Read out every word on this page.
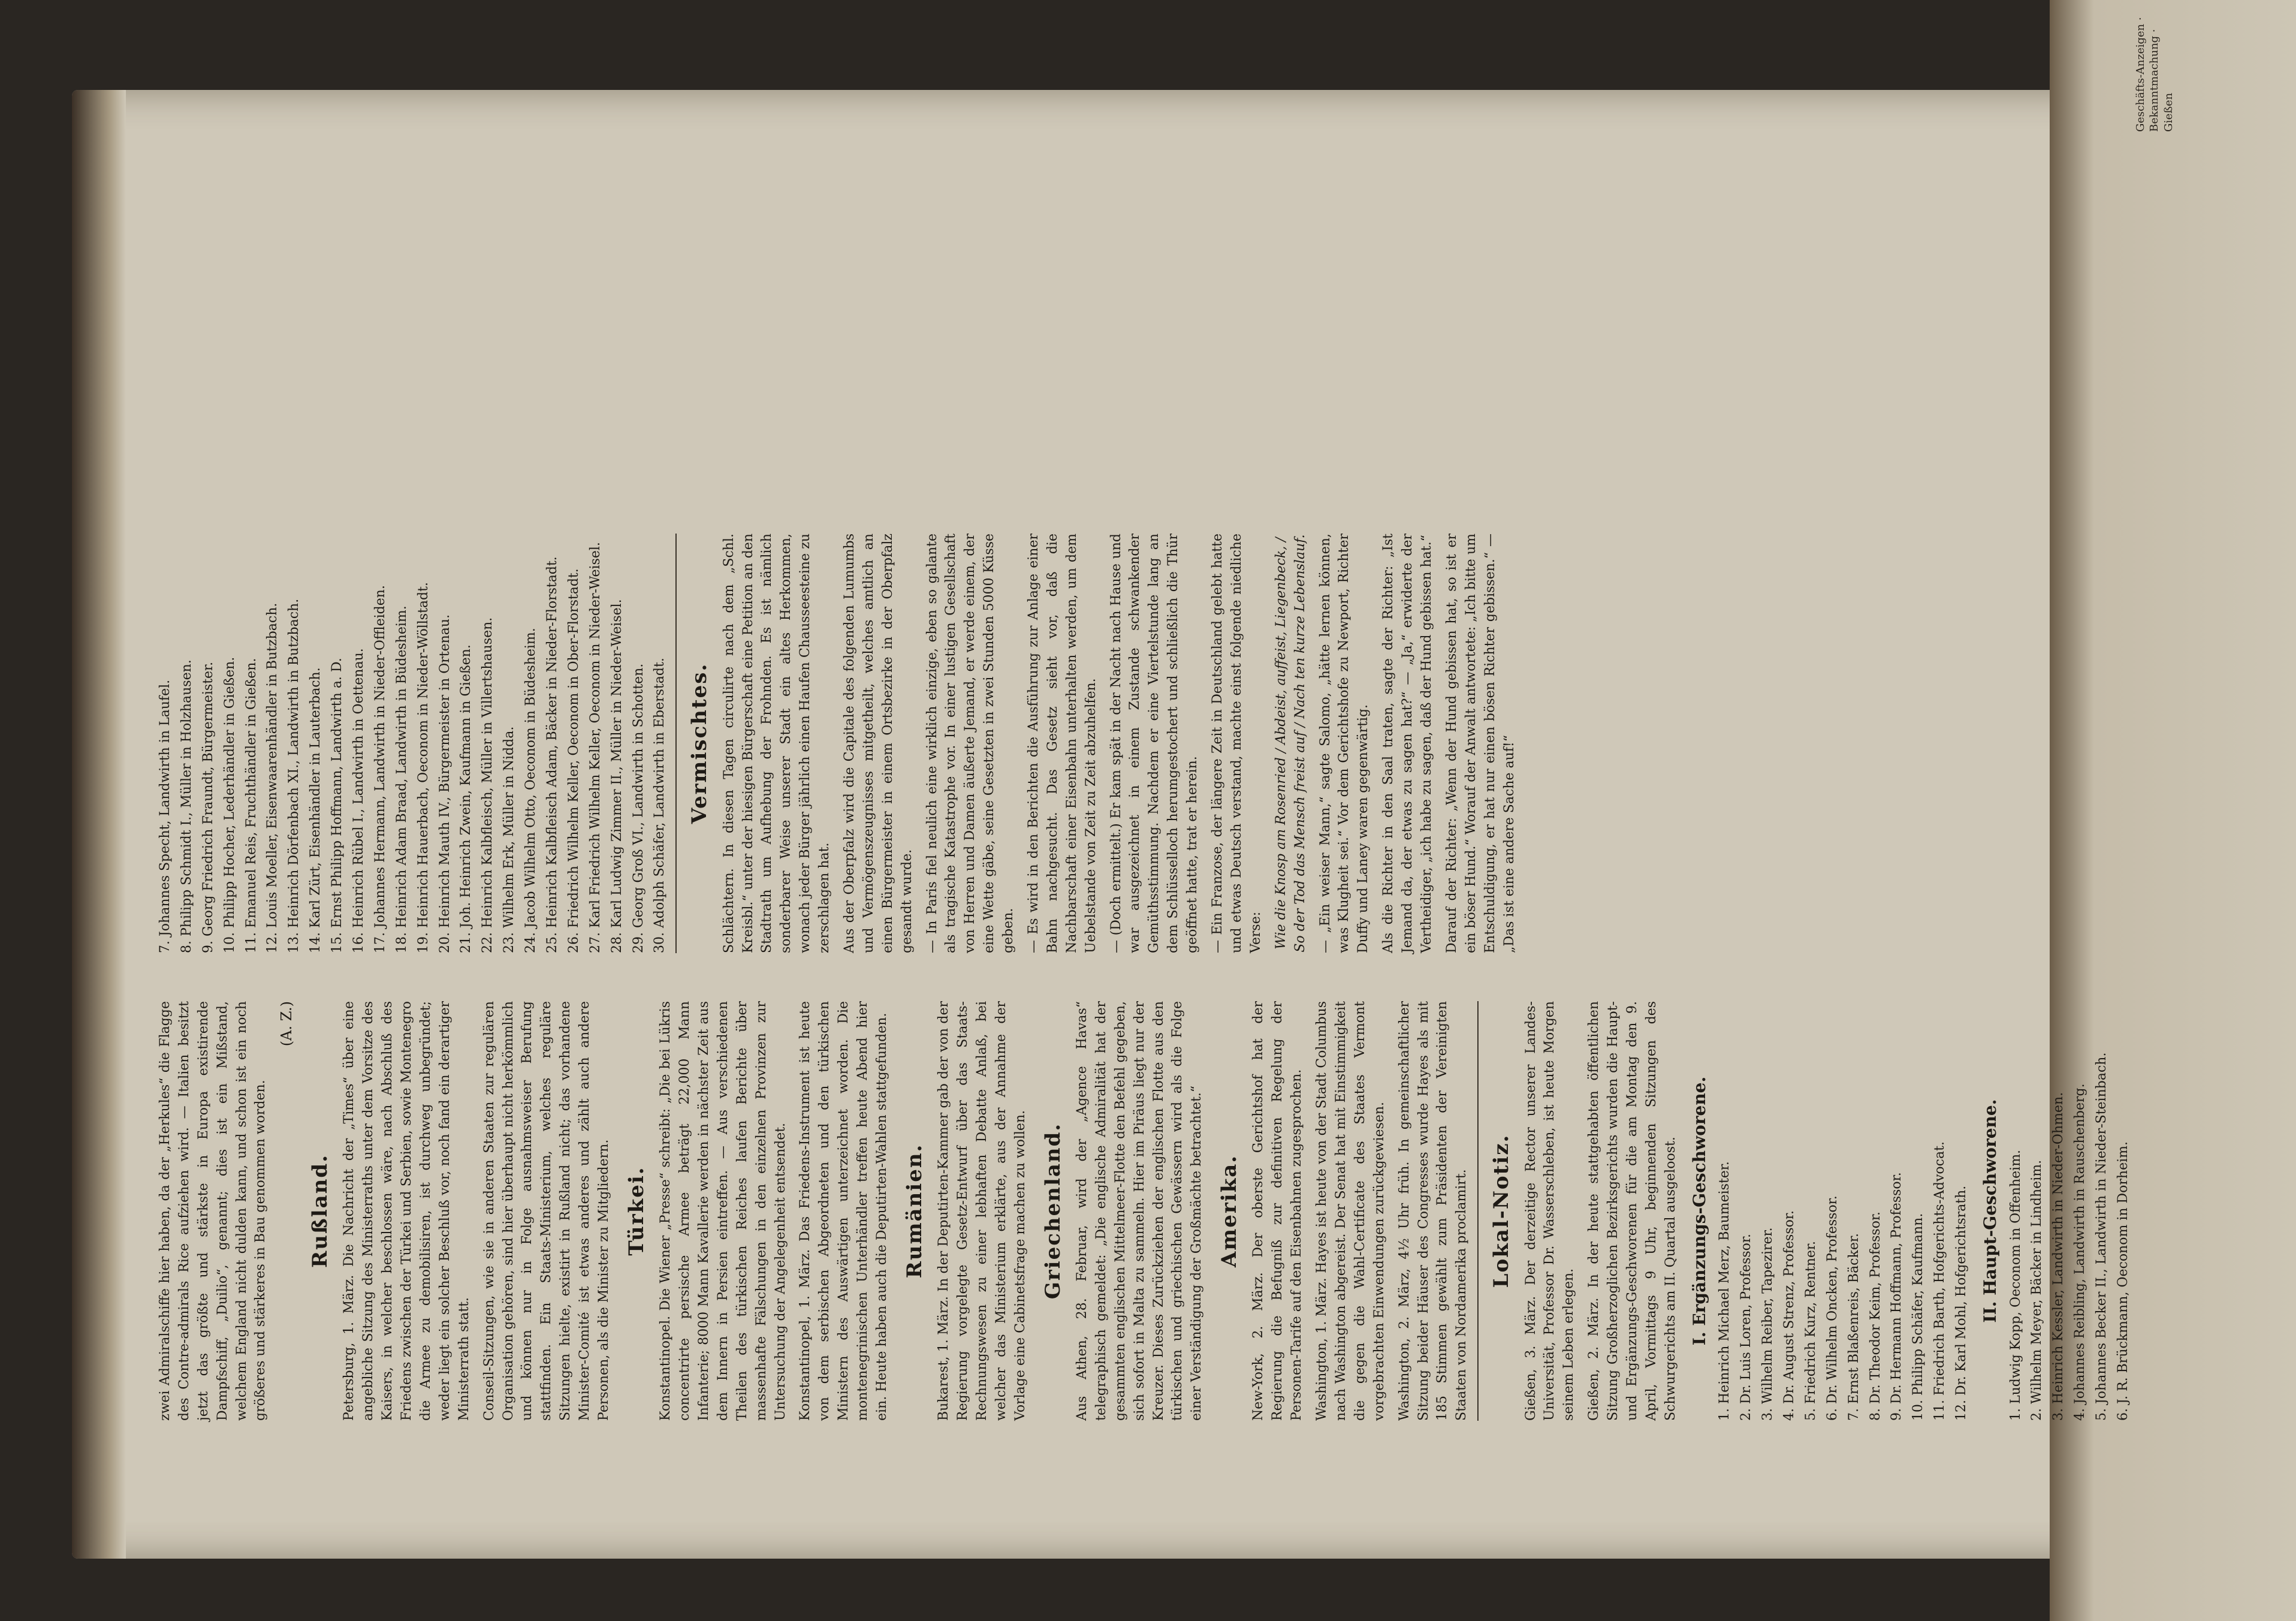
zwei Admiralschiffe hier haben, da der „Herkules“ die Flagge des Contre-admirals Rice aufziehen wird. — Italien besitzt jetzt das größte und stärkste in Europa existirende Dampfschiff, „Duilio“, genannt; dies ist ein Mißstand, welchem England nicht dulden kann, und schon ist ein noch größeres und stärkeres in Bau genommen worden.

(A. Z.)
Rußland. Petersburg, 1. März. Die Nachricht der „Times“ über eine angebliche Sitzung des Ministerraths unter dem Vorsitze des Kaisers, in welcher beschlossen wäre, nach Abschluß des Friedens zwischen der Türkei und Serbien, sowie Montenegro die Armee zu demobilisiren, ist durchweg unbegründet; weder liegt ein solcher Beschluß vor, noch fand ein derartiger Ministerrath statt. Conseil-Sitzungen, wie sie in anderen Staaten zur regulären Organisation gehören, sind hier überhaupt nicht herkömmlich und können nur in Folge ausnahmsweiser Berufung stattfinden. Ein Staats-Ministerium, welches reguläre Sitzungen hielte, existirt in Rußland nicht; das vorhandene Minister-Comité ist etwas anderes und zählt auch andere Personen, als die Minister zu Mitgliedern. Türkei. Konstantinopel. Die Wiener „Presse“ schreibt: „Die bei Lükris concentrirte persische Armee beträgt 22,000 Mann Infanterie; 8000 Mann Kavallerie werden in nächster Zeit aus dem Innern in Persien eintreffen. — Aus verschiedenen Theilen des türkischen Reiches laufen Berichte über massenhafte Fälschungen in den einzelnen Provinzen zur Untersuchung der Angelegenheit entsendet. Konstantinopel, 1. März. Das Friedens-Instrument ist heute von dem serbischen Abgeordneten und den türkischen Ministern des Auswärtigen unterzeichnet worden. Die montenegrinischen Unterhändler treffen heute Abend hier ein. Heute haben auch die Deputirten-Wahlen stattgefunden. Rumänien. Bukarest, 1. März. In der Deputirten-Kammer gab der von der Regierung vorgelegte Gesetz-Entwurf über das Staats-Rechnungswesen zu einer lebhaften Debatte Anlaß, bei welcher das Ministerium erklärte, aus der Annahme der Vorlage eine Cabinetsfrage machen zu wollen. Griechenland. Aus Athen, 28. Februar, wird der „Agence Havas“ telegraphisch gemeldet: „Die englische Admiralität hat der gesammten englischen Mittelmeer-Flotte den Befehl gegeben, sich sofort in Malta zu sammeln. Hier im Piräus liegt nur der Kreuzer. Dieses Zurückziehen der englischen Flotte aus den türkischen und griechischen Gewässern wird als die Folge einer Verständigung der Großmächte betrachtet.“ Amerika. New-York, 2. März. Der oberste Gerichtshof hat der Regierung die Befugniß zur definitiven Regelung der Personen-Tarife auf den Eisenbahnen zugesprochen. Washington, 1. März. Hayes ist heute von der Stadt Columbus nach Washington abgereist. Der Senat hat mit Einstimmigkeit die gegen die Wahl-Certificate des Staates Vermont vorgebrachten Einwendungen zurückgewiesen. Washington, 2. März, 4½ Uhr früh. In gemeinschaftlicher Sitzung beider Häuser des Congresses wurde Hayes als mit 185 Stimmen gewählt zum Präsidenten der Vereinigten Staaten von Nordamerika proclamirt. Lokal-Notiz. Gießen, 3. März. Der derzeitige Rector unserer Landes-Universität, Professor Dr. Wasserschleben, ist heute Morgen seinem Leben erlegen. Gießen, 2. März. In der heute stattgehabten öffentlichen Sitzung Großherzoglichen Bezirksgerichts wurden die Haupt- und Ergänzungs-Geschworenen für die am Montag den 9. April, Vormittags 9 Uhr, beginnenden Sitzungen des Schwurgerichts am II. Quartal ausgeloost. I. Ergänzungs-Geschworene. 1. Heinrich Michael Merz, Baumeister. 2. Dr. Luis Loren, Professor. 3. Wilhelm Reiber, Tapezirer. 4. Dr. August Strenz, Professor. 5. Friedrich Kurz, Rentner. 6. Dr. Wilhelm Oncken, Professor. 7. Ernst Blaßenreis, Bäcker. 8. Dr. Theodor Keim, Professor. 9. Dr. Hermann Hoffmann, Professor. 10. Philipp Schäfer, Kaufmann. 11. Friedrich Barth, Hofgerichts-Advocat. 12. Dr. Karl Mohl, Hofgerichtsrath. II. Haupt-Geschworene. 1. Ludwig Kopp, Oeconom in Offenheim. 2. Wilhelm Meyer, Bäcker in Lindheim. 3. Heinrich Kessler, Landwirth in Nieder-Ohmen. 4. Johannes Reibling, Landwirth in Rauschenberg. 5. Johannes Becker II., Landwirth in Nieder-Steinbach. 6. J. R. Brückmann, Oeconom in Dorheim.
7. Johannes Specht, Landwirth in Laufel. 8. Philipp Schmidt I., Müller in Holzhausen. 9. Georg Friedrich Fraundt, Bürgermeister. 10. Philipp Hocher, Lederhändler in Gießen. 11. Emanuel Reis, Fruchthändler in Gießen. 12. Louis Moeller, Eisenwaarenhändler in Butzbach. 13. Heinrich Dörfenbach XI., Landwirth in Butzbach. 14. Karl Zürt, Eisenhändler in Lauterbach. 15. Ernst Philipp Hoffmann, Landwirth a. D. 16. Heinrich Rübel I., Landwirth in Oettenau. 17. Johannes Hermann, Landwirth in Nieder-Offleiden. 18. Heinrich Adam Braad, Landwirth in Büdesheim. 19. Heinrich Hauerbach, Oeconom in Nieder-Wöllstadt. 20. Heinrich Mauth IV., Bürgermeister in Ortenau. 21. Joh. Heinrich Zwein, Kaufmann in Gießen. 22. Heinrich Kalbfleisch, Müller in Villertshausen. 23. Wilhelm Erk, Müller in Nidda. 24. Jacob Wilhelm Otto, Oeconom in Büdesheim. 25. Heinrich Kalbfleisch Adam, Bäcker in Nieder-Florstadt. 26. Friedrich Wilhelm Keller, Oeconom in Ober-Florstadt. 27. Karl Friedrich Wilhelm Keller, Oeconom in Nieder-Weisel. 28. Karl Ludwig Zimmer II., Müller in Nieder-Weisel. 29. Georg Groß VI., Landwirth in Schotten. 30. Adolph Schäfer, Landwirth in Eberstadt. Vermischtes. Schlächtern. In diesen Tagen circulirte nach dem „Schl. Kreisbl.“ unter der hiesigen Bürgerschaft eine Petition an den Stadtrath um Aufhebung der Frohnden. Es ist nämlich sonderbarer Weise unserer Stadt ein altes Herkommen, wonach jeder Bürger jährlich einen Haufen Chausseesteine zu zerschlagen hat. Aus der Oberpfalz wird die Capitale des folgenden Lumumbs und Vermögenszeugnisses mitgetheilt, welches amtlich an einen Bürgermeister in einem Ortsbezirke in der Oberpfalz gesandt wurde. — In Paris fiel neulich eine wirklich einzige, eben so galante als tragische Katastrophe vor. In einer lustigen Gesellschaft von Herren und Damen äußerte Jemand, er werde einem, der eine Wette gäbe, seine Gesetzten in zwei Stunden 5000 Küsse geben. — Es wird in den Berichten die Ausführung zur Anlage einer Bahn nachgesucht. Das Gesetz sieht vor, daß die Nachbarschaft einer Eisenbahn unterhalten werden, um dem Uebelstande von Zeit zu Zeit abzuhelfen. — (Doch ermittelt.) Er kam spät in der Nacht nach Hause und war ausgezeichnet in einem Zustande schwankender Gemüthsstimmung. Nachdem er eine Viertelstunde lang an dem Schlüsselloch herumgestochert und schließlich die Thür geöffnet hatte, trat er herein. — Ein Franzose, der längere Zeit in Deutschland gelebt hatte und etwas Deutsch verstand, machte einst folgende niedliche Verse: Wie die Knosp am Rosenried / Abdeist, auffeist, Liegenbeck, / So der Tod das Mensch freist auf / Nach ten kurze Lebenslauf. — „Ein weiser Mann,“ sagte Salomo, „hätte lernen können, was Klugheit sei.“ Vor dem Gerichtshofe zu Newport, Richter Duffy und Laney waren gegenwärtig. Als die Richter in den Saal traten, sagte der Richter: „Ist Jemand da, der etwas zu sagen hat?“ — „Ja,“ erwiderte der Vertheidiger, „ich habe zu sagen, daß der Hund gebissen hat.“ Darauf der Richter: „Wenn der Hund gebissen hat, so ist er ein böser Hund.“ Worauf der Anwalt antwortete: „Ich bitte um Entschuldigung, er hat nur einen bösen Richter gebissen.“ — „Das ist eine andere Sache auf!“

Geschäfts-Anzeigen · Bekanntmachung · Gießen
